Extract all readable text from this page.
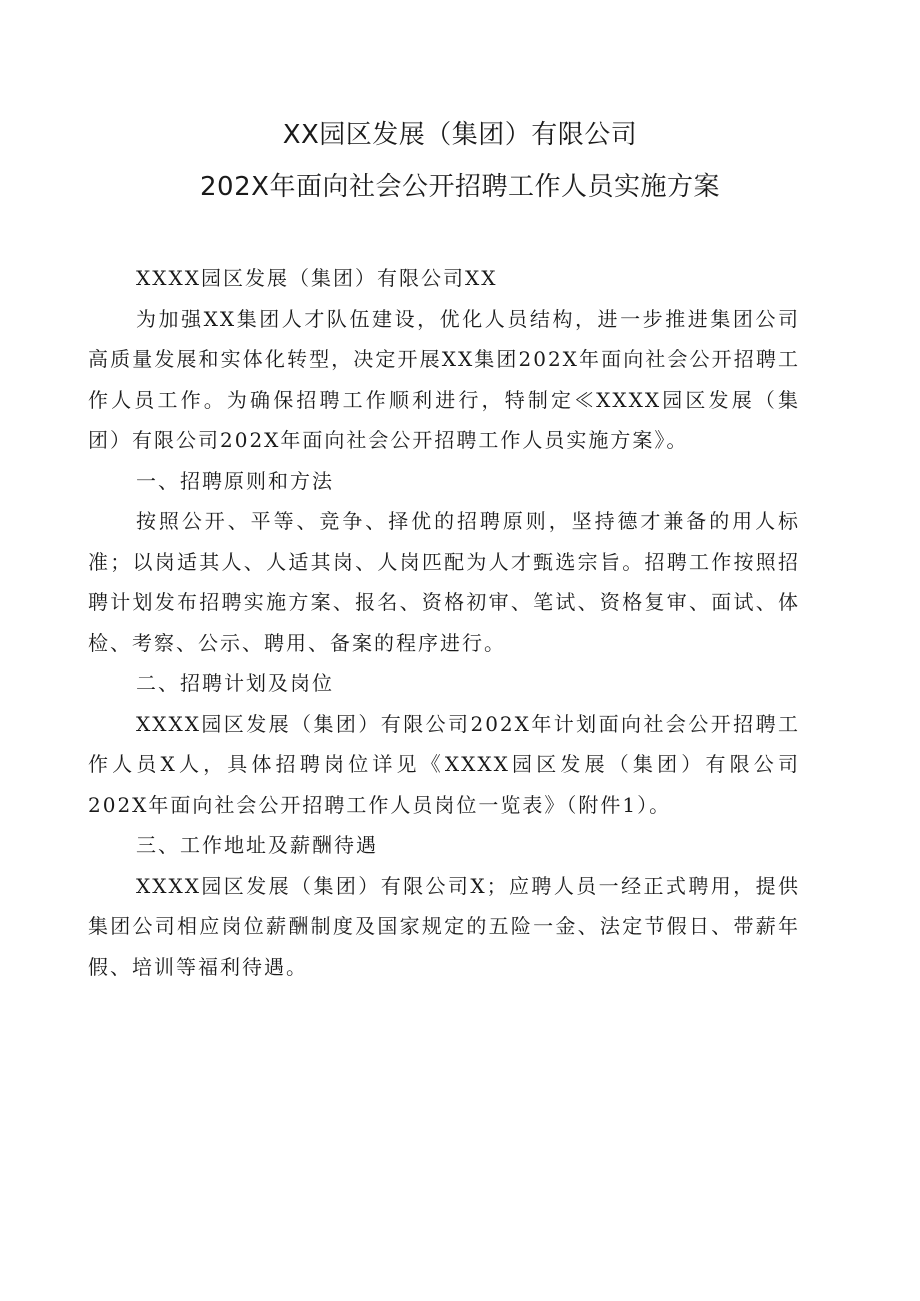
XX园区发展（集团）有限公司
202X年面向社会公开招聘工作人员实施方案

XXXX园区发展（集团）有限公司XX

为加强XX集团人才队伍建设，优化人员结构，进一步推进集团公司高质量发展和实体化转型，决定开展XX集团202X年面向社会公开招聘工作人员工作。为确保招聘工作顺利进行，特制定≪XXXX园区发展（集团）有限公司202X年面向社会公开招聘工作人员实施方案》。

一、招聘原则和方法

按照公开、平等、竞争、择优的招聘原则，坚持德才兼备的用人标准；以岗适其人、人适其岗、人岗匹配为人才甄选宗旨。招聘工作按照招聘计划发布招聘实施方案、报名、资格初审、笔试、资格复审、面试、体检、考察、公示、聘用、备案的程序进行。

二、招聘计划及岗位

XXXX园区发展（集团）有限公司202X年计划面向社会公开招聘工作人员X人，具体招聘岗位详见《XXXX园区发展（集团）有限公司202X年面向社会公开招聘工作人员岗位一览表》（附件1）。

三、工作地址及薪酬待遇

XXXX园区发展（集团）有限公司X；应聘人员一经正式聘用，提供集团公司相应岗位薪酬制度及国家规定的五险一金、法定节假日、带薪年假、培训等福利待遇。
